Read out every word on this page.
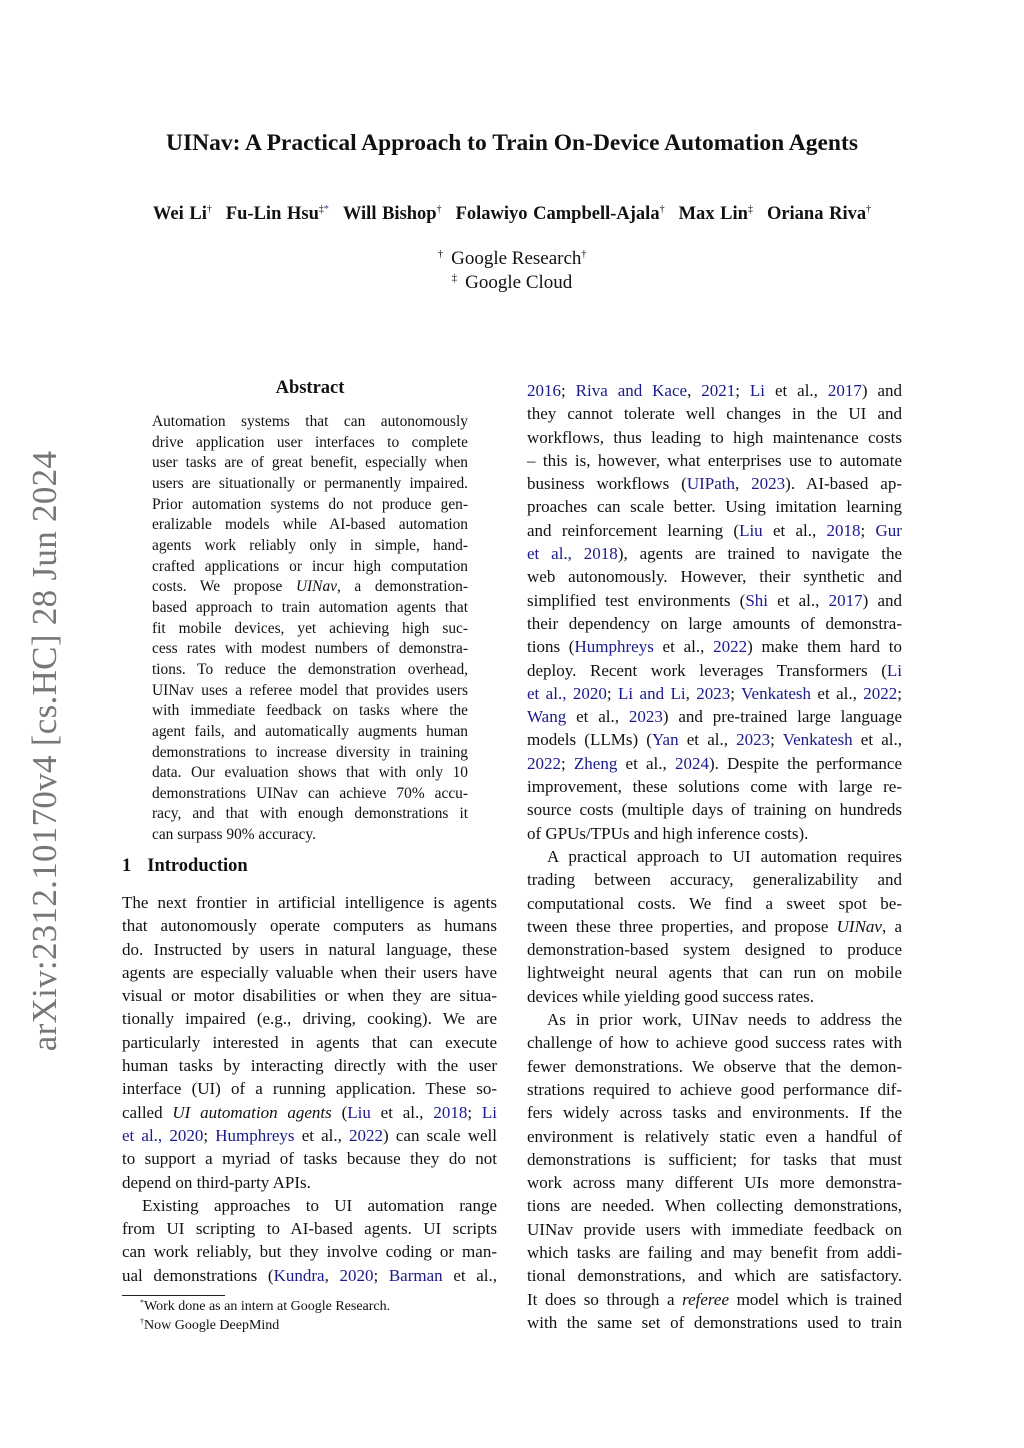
arXiv:2312.10170v4 [cs.HC] 28 Jun 2024
UINav: A Practical Approach to Train On-Device Automation Agents
Wei Li† Fu-Lin Hsu‡* Will Bishop† Folawiyo Campbell-Ajala† Max Lin‡ Oriana Riva†
† Google Research†
‡ Google Cloud
Abstract
Automation systems that can autonomously
drive application user interfaces to complete
user tasks are of great benefit, especially when
users are situationally or permanently impaired.
Prior automation systems do not produce gen-
eralizable models while AI-based automation
agents work reliably only in simple, hand-
crafted applications or incur high computation
costs. We propose UINav, a demonstration-
based approach to train automation agents that
fit mobile devices, yet achieving high suc-
cess rates with modest numbers of demonstra-
tions. To reduce the demonstration overhead,
UINav uses a referee model that provides users
with immediate feedback on tasks where the
agent fails, and automatically augments human
demonstrations to increase diversity in training
data. Our evaluation shows that with only 10
demonstrations UINav can achieve 70% accu-
racy, and that with enough demonstrations it
can surpass 90% accuracy.
1 Introduction
The next frontier in artificial intelligence is agents
that autonomously operate computers as humans
do. Instructed by users in natural language, these
agents are especially valuable when their users have
visual or motor disabilities or when they are situa-
tionally impaired (e.g., driving, cooking). We are
particularly interested in agents that can execute
human tasks by interacting directly with the user
interface (UI) of a running application. These so-
called UI automation agents (Liu et al., 2018; Li
et al., 2020; Humphreys et al., 2022) can scale well
to support a myriad of tasks because they do not
depend on third-party APIs.
Existing approaches to UI automation range
from UI scripting to AI-based agents. UI scripts
can work reliably, but they involve coding or man-
ual demonstrations (Kundra, 2020; Barman et al.,
2016; Riva and Kace, 2021; Li et al., 2017) and
they cannot tolerate well changes in the UI and
workflows, thus leading to high maintenance costs
– this is, however, what enterprises use to automate
business workflows (UIPath, 2023). AI-based ap-
proaches can scale better. Using imitation learning
and reinforcement learning (Liu et al., 2018; Gur
et al., 2018), agents are trained to navigate the
web autonomously. However, their synthetic and
simplified test environments (Shi et al., 2017) and
their dependency on large amounts of demonstra-
tions (Humphreys et al., 2022) make them hard to
deploy. Recent work leverages Transformers (Li
et al., 2020; Li and Li, 2023; Venkatesh et al., 2022;
Wang et al., 2023) and pre-trained large language
models (LLMs) (Yan et al., 2023; Venkatesh et al.,
2022; Zheng et al., 2024). Despite the performance
improvement, these solutions come with large re-
source costs (multiple days of training on hundreds
of GPUs/TPUs and high inference costs).
A practical approach to UI automation requires
trading between accuracy, generalizability and
computational costs. We find a sweet spot be-
tween these three properties, and propose UINav, a
demonstration-based system designed to produce
lightweight neural agents that can run on mobile
devices while yielding good success rates.
As in prior work, UINav needs to address the
challenge of how to achieve good success rates with
fewer demonstrations. We observe that the demon-
strations required to achieve good performance dif-
fers widely across tasks and environments. If the
environment is relatively static even a handful of
demonstrations is sufficient; for tasks that must
work across many different UIs more demonstra-
tions are needed. When collecting demonstrations,
UINav provide users with immediate feedback on
which tasks are failing and may benefit from addi-
tional demonstrations, and which are satisfactory.
It does so through a referee model which is trained
with the same set of demonstrations used to train
*Work done as an intern at Google Research.
†Now Google DeepMind
